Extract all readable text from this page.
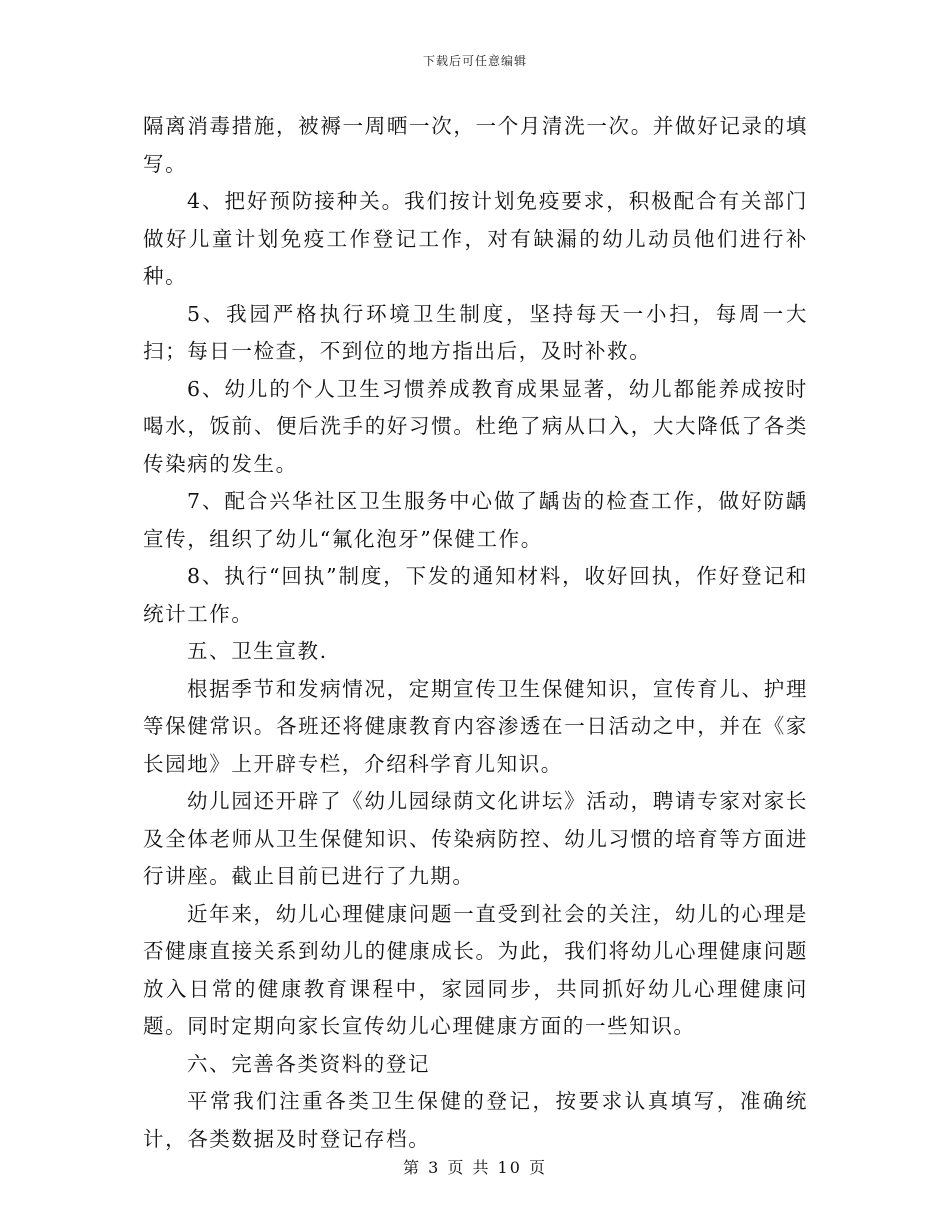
下载后可任意编辑

隔离消毒措施，被褥一周晒一次，一个月清洗一次。并做好记录的填写。

4、把好预防接种关。我们按计划免疫要求，积极配合有关部门做好儿童计划免疫工作登记工作，对有缺漏的幼儿动员他们进行补种。

5、我园严格执行环境卫生制度，坚持每天一小扫，每周一大扫；每日一检查，不到位的地方指出后，及时补救。

6、幼儿的个人卫生习惯养成教育成果显著，幼儿都能养成按时喝水，饭前、便后洗手的好习惯。杜绝了病从口入，大大降低了各类传染病的发生。

7、配合兴华社区卫生服务中心做了龋齿的检查工作，做好防龋宣传，组织了幼儿“氟化泡牙”保健工作。

8、执行“回执”制度，下发的通知材料，收好回执，作好登记和统计工作。

五、卫生宣教.

根据季节和发病情况，定期宣传卫生保健知识，宣传育儿、护理等保健常识。各班还将健康教育内容渗透在一日活动之中，并在《家长园地》上开辟专栏，介绍科学育儿知识。

幼儿园还开辟了《幼儿园绿荫文化讲坛》活动，聘请专家对家长及全体老师从卫生保健知识、传染病防控、幼儿习惯的培育等方面进行讲座。截止目前已进行了九期。

近年来，幼儿心理健康问题一直受到社会的关注，幼儿的心理是否健康直接关系到幼儿的健康成长。为此，我们将幼儿心理健康问题放入日常的健康教育课程中，家园同步，共同抓好幼儿心理健康问题。同时定期向家长宣传幼儿心理健康方面的一些知识。

六、完善各类资料的登记

平常我们注重各类卫生保健的登记，按要求认真填写，准确统计，各类数据及时登记存档。

第 3 页 共 10 页
